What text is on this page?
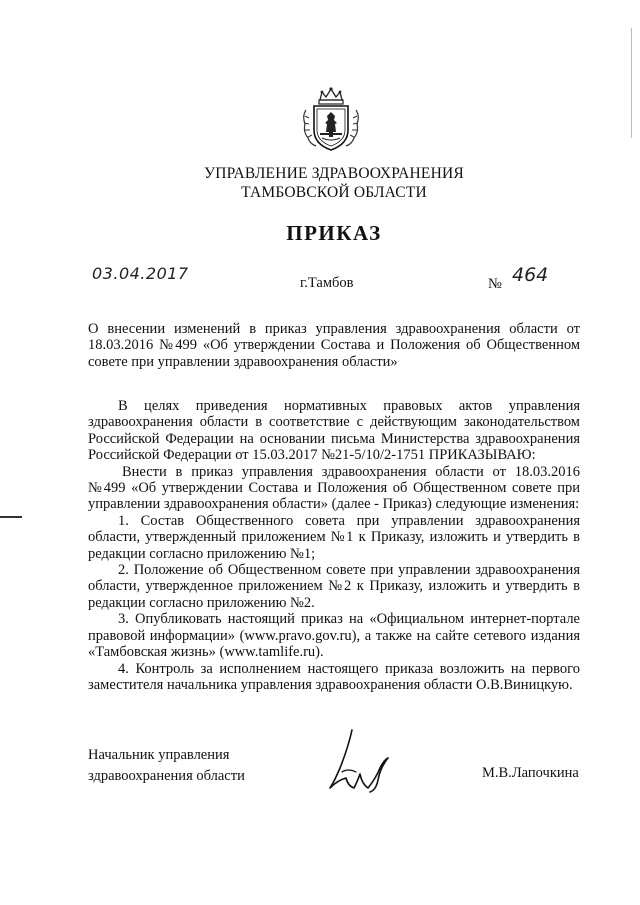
УПРАВЛЕНИЕ ЗДРАВООХРАНЕНИЯ
ТАМБОВСКОЙ ОБЛАСТИ
ПРИКАЗ
03.04.2017	г.Тамбов	№ 464

О внесении изменений в приказ управления здравоохранения области от 18.03.2016 №499 «Об утверждении Состава и Положения об Общественном совете при управлении здравоохранения области»

В целях приведения нормативных правовых актов управления здравоохранения области в соответствие с действующим законодательством Российской Федерации на основании письма Министерства здравоохранения Российской Федерации от 15.03.2017 №21-5/10/2-1751 ПРИКАЗЫВАЮ:

Внести в приказ управления здравоохранения области от 18.03.2016 №499 «Об утверждении Состава и Положения об Общественном совете при управлении здравоохранения области» (далее - Приказ) следующие изменения:

1. Состав Общественного совета при управлении здравоохранения области, утвержденный приложением №1 к Приказу, изложить и утвердить в редакции согласно приложению №1;

2. Положение об Общественном совете при управлении здравоохранения области, утвержденное приложением №2 к Приказу, изложить и утвердить в редакции согласно приложению №2.

3. Опубликовать настоящий приказ на «Официальном интернет-портале правовой информации» (www.pravo.gov.ru), а также на сайте сетевого издания «Тамбовская жизнь» (www.tamlife.ru).

4. Контроль за исполнением настоящего приказа возложить на первого заместителя начальника управления здравоохранения области О.В.Виницкую.

Начальник управления
здравоохранения области	М.В.Лапочкина
